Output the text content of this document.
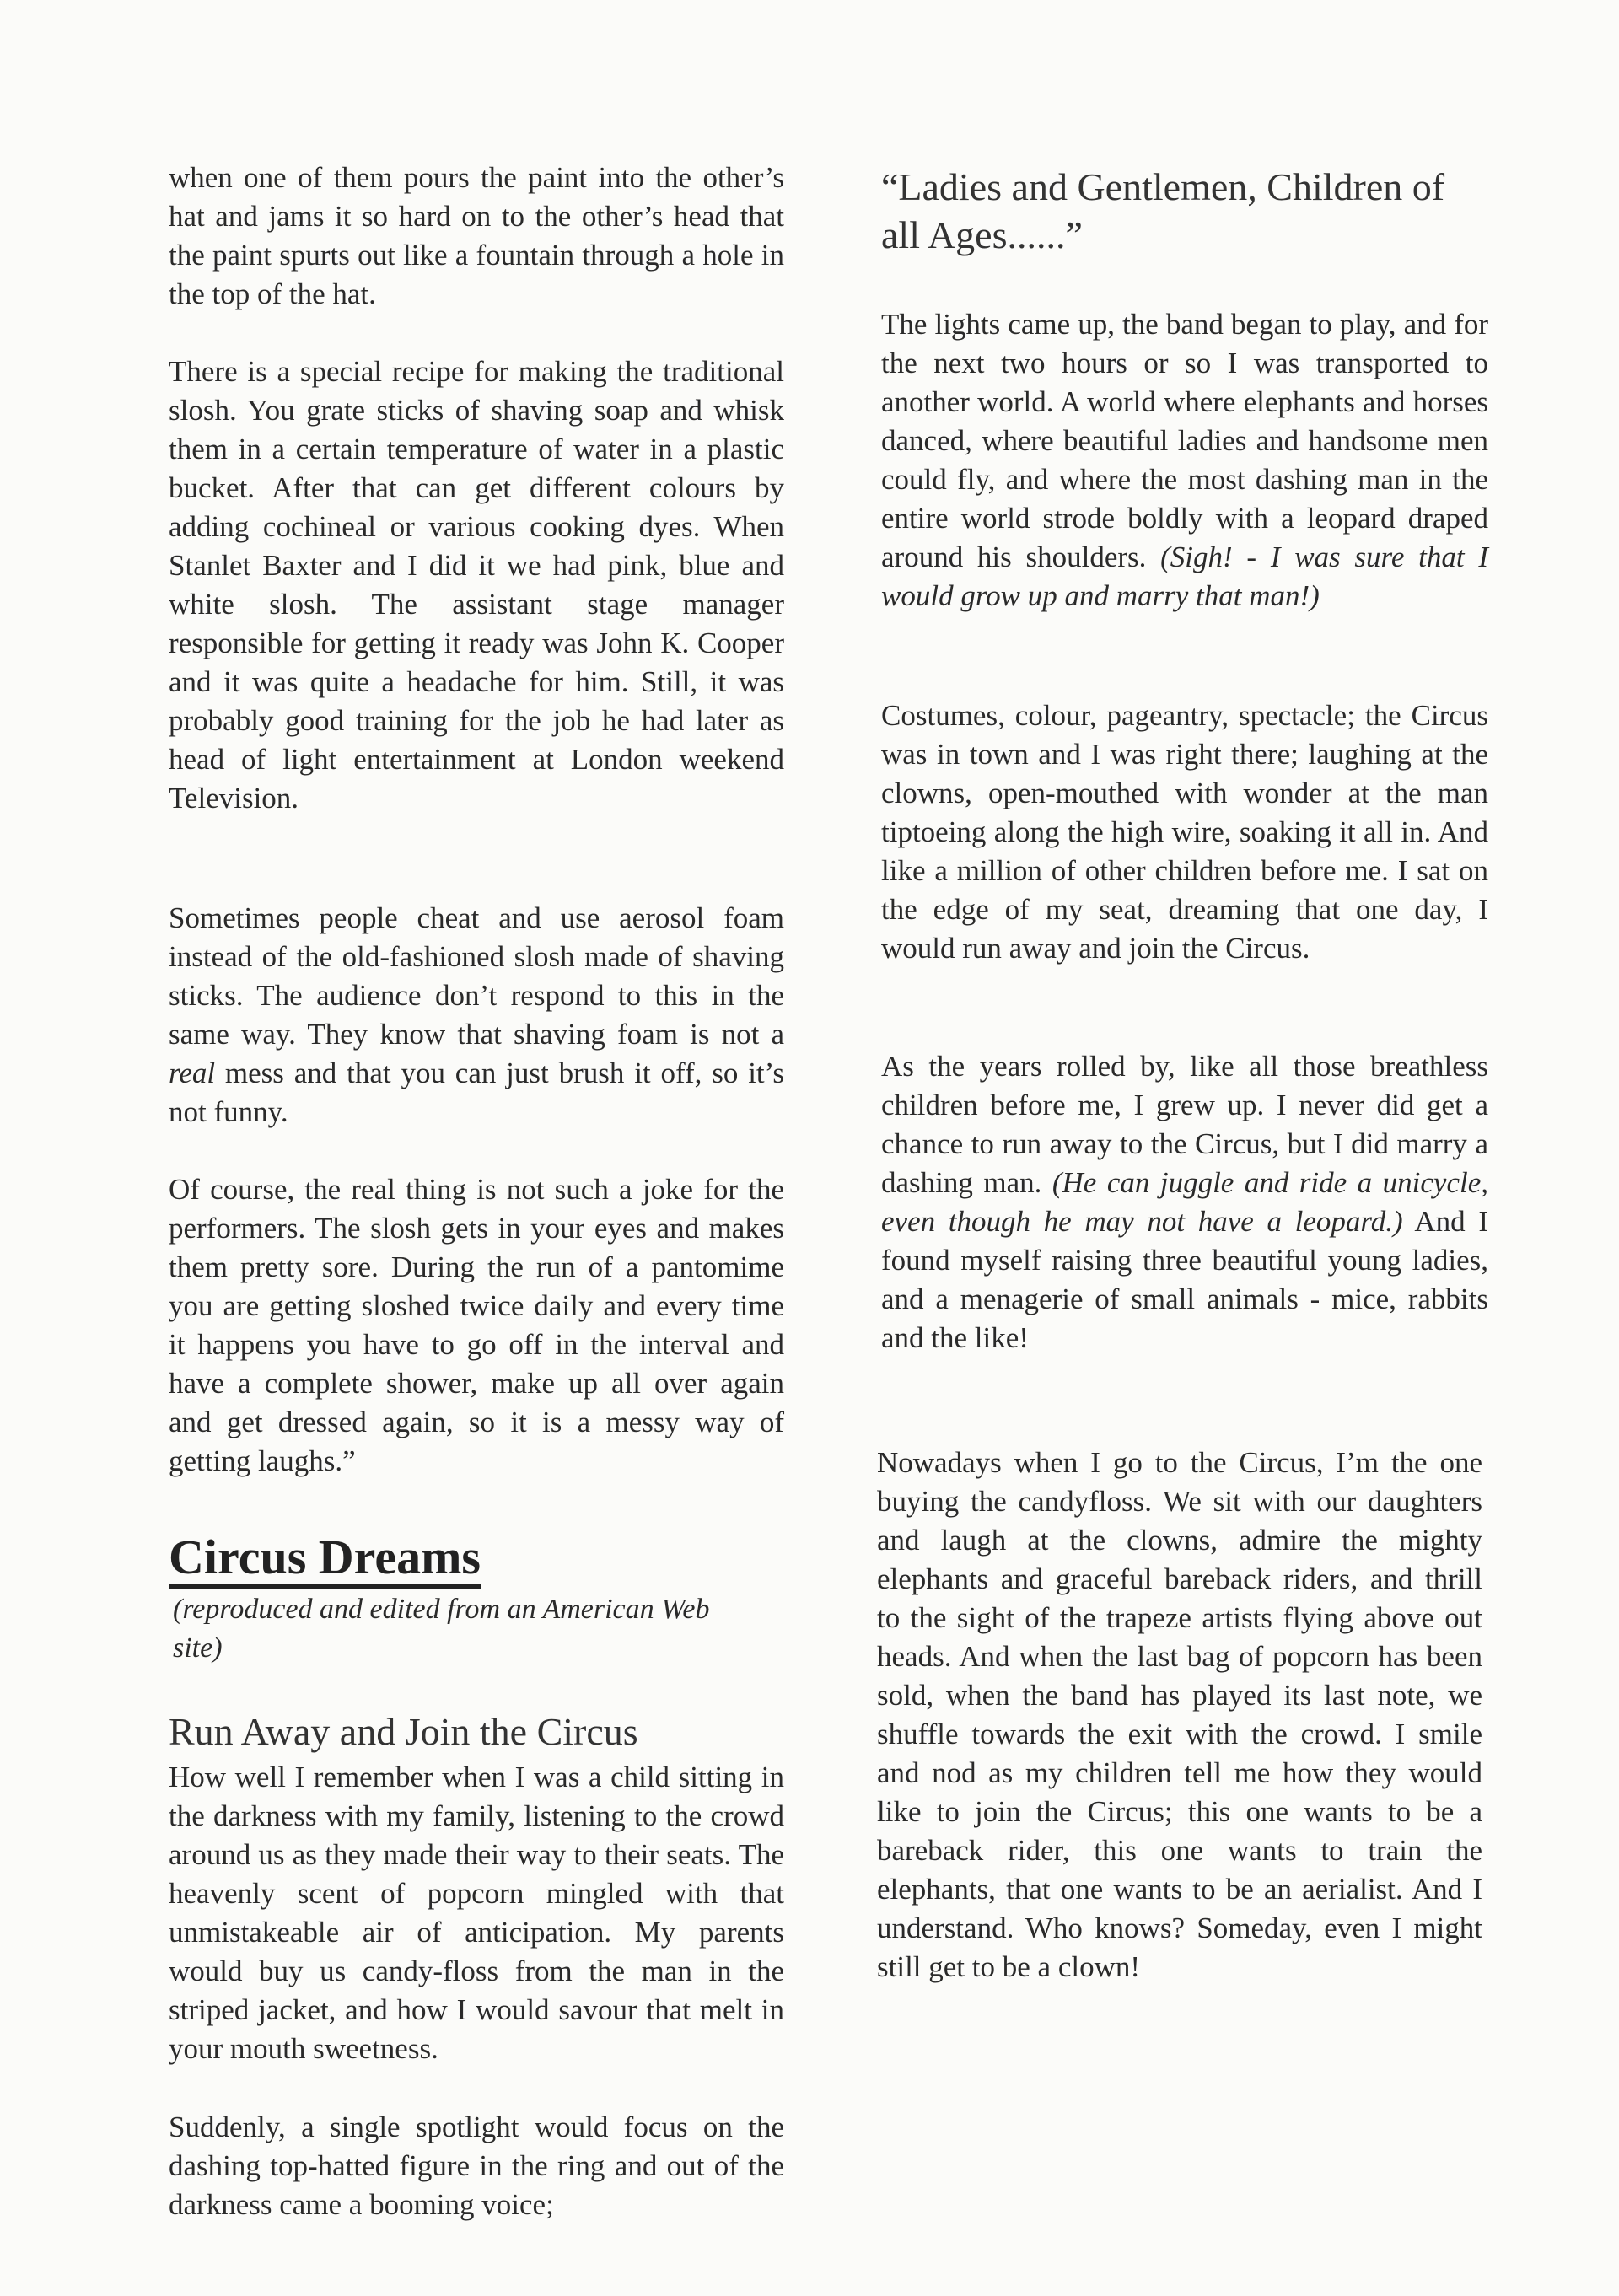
when one of them pours the paint into the other’s hat and jams it so hard on to the other’s head that the paint spurts out like a fountain through a hole in the top of the hat.

There is a special recipe for making the traditional slosh. You grate sticks of shaving soap and whisk them in a certain temperature of water in a plastic bucket. After that can get different colours by adding cochineal or various cooking dyes. When Stanlet Baxter and I did it we had pink, blue and white slosh. The assistant stage manager responsible for getting it ready was John K. Cooper and it was quite a headache for him. Still, it was probably good training for the job he had later as head of light entertainment at London weekend Television.

Sometimes people cheat and use aerosol foam instead of the old-fashioned slosh made of shaving sticks. The audience don’t respond to this in the same way. They know that shaving foam is not a real mess and that you can just brush it off, so it’s not funny.

Of course, the real thing is not such a joke for the performers. The slosh gets in your eyes and makes them pretty sore. During the run of a pantomime you are getting sloshed twice daily and every time it happens you have to go off in the interval and have a complete shower, make up all over again and get dressed again, so it is a messy way of getting laughs.”

Circus Dreams

(reproduced and edited from an American Web site)

Run Away and Join the Circus

How well I remember when I was a child sitting in the darkness with my family, listening to the crowd around us as they made their way to their seats. The heavenly scent of popcorn mingled with that unmistakeable air of anticipation. My parents would buy us candy-floss from the man in the striped jacket, and how I would savour that melt in your mouth sweetness.

Suddenly, a single spotlight would focus on the dashing top-hatted figure in the ring and out of the darkness came a booming voice;

“Ladies and Gentlemen, Children of all Ages......”

The lights came up, the band began to play, and for the next two hours or so I was transported to another world. A world where elephants and horses danced, where beautiful ladies and handsome men could fly, and where the most dashing man in the entire world strode boldly with a leopard draped around his shoulders. (Sigh! - I was sure that I would grow up and marry that man!)

Costumes, colour, pageantry, spectacle; the Circus was in town and I was right there; laughing at the clowns, open-mouthed with wonder at the man tiptoeing along the high wire, soaking it all in. And like a million of other children before me. I sat on the edge of my seat, dreaming that one day, I would run away and join the Circus.

As the years rolled by, like all those breathless children before me, I grew up. I never did get a chance to run away to the Circus, but I did marry a dashing man. (He can juggle and ride a unicycle, even though he may not have a leopard.) And I found myself raising three beautiful young ladies, and a menagerie of small animals - mice, rabbits and the like!

Nowadays when I go to the Circus, I’m the one buying the candyfloss. We sit with our daughters and laugh at the clowns, admire the mighty elephants and graceful bareback riders, and thrill to the sight of the trapeze artists flying above out heads. And when the last bag of popcorn has been sold, when the band has played its last note, we shuffle towards the exit with the crowd. I smile and nod as my children tell me how they would like to join the Circus; this one wants to be a bareback rider, this one wants to train the elephants, that one wants to be an aerialist. And I understand. Who knows? Someday, even I might still get to be a clown!
